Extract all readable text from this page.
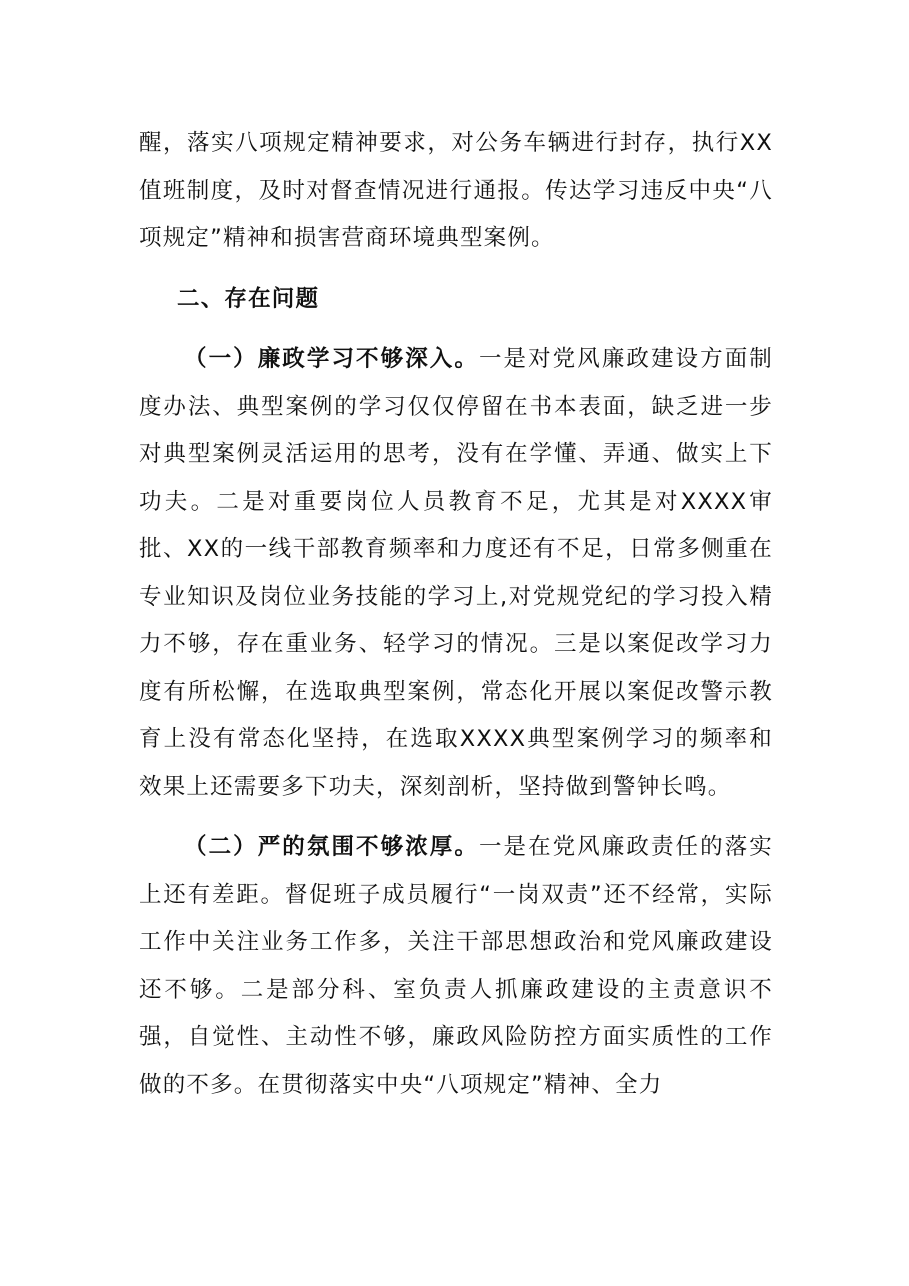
醒，落实八项规定精神要求，对公务车辆进行封存，执行XX值班制度，及时对督查情况进行通报。传达学习违反中央“八项规定”精神和损害营商环境典型案例。

二、存在问题

（一）廉政学习不够深入。一是对党风廉政建设方面制度办法、典型案例的学习仅仅停留在书本表面，缺乏进一步对典型案例灵活运用的思考，没有在学懂、弄通、做实上下功夫。二是对重要岗位人员教育不足，尤其是对XXXX审批、XX的一线干部教育频率和力度还有不足，日常多侧重在专业知识及岗位业务技能的学习上,对党规党纪的学习投入精力不够，存在重业务、轻学习的情况。三是以案促改学习力度有所松懈，在选取典型案例，常态化开展以案促改警示教育上没有常态化坚持，在选取XXXX典型案例学习的频率和效果上还需要多下功夫，深刻剖析，坚持做到警钟长鸣。

（二）严的氛围不够浓厚。一是在党风廉政责任的落实上还有差距。督促班子成员履行“一岗双责”还不经常，实际工作中关注业务工作多，关注干部思想政治和党风廉政建设还不够。二是部分科、室负责人抓廉政建设的主责意识不强，自觉性、主动性不够，廉政风险防控方面实质性的工作做的不多。在贯彻落实中央“八项规定”精神、全力
